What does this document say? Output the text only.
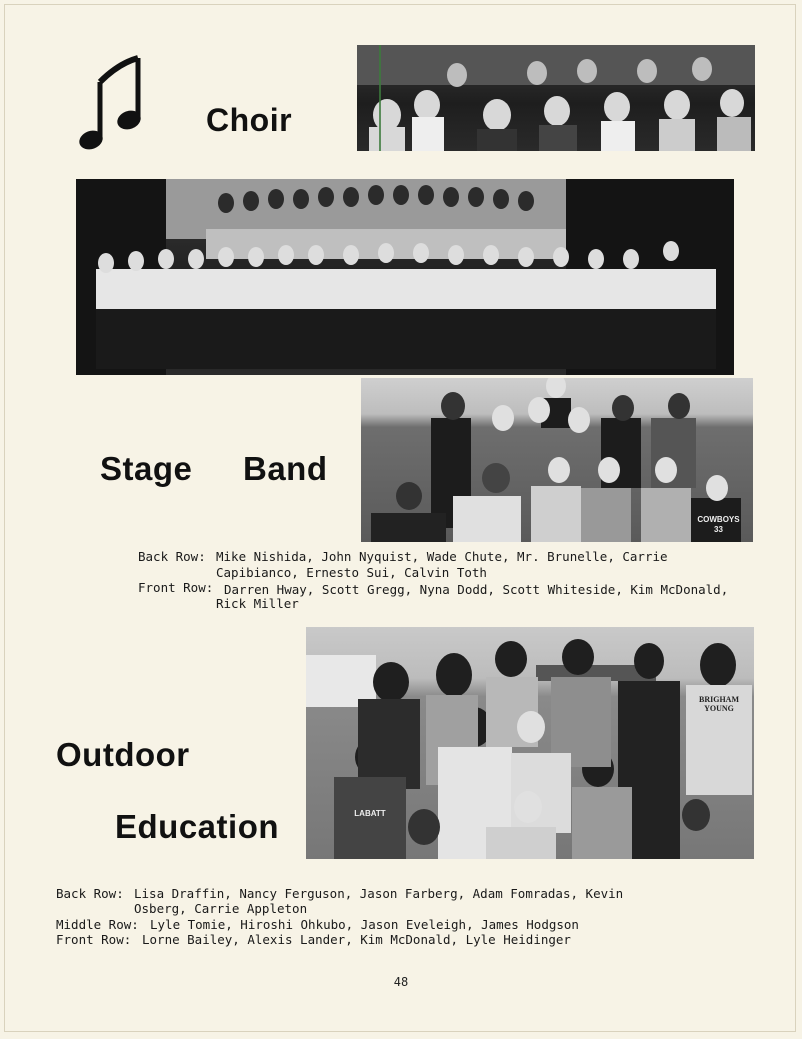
Choir
COWBOYS 33
Stage Band
Back Row: Mike Nishida, John Nyquist, Wade Chute, Mr. Brunelle, Carrie
Capibianco, Ernesto Sui, Calvin Toth
Front Row: Darren Hway, Scott Gregg, Nyna Dodd, Scott Whiteside, Kim McDonald,
Rick Miller
BRIGHAM YOUNG
LABATT
Outdoor
Education
Back Row: Lisa Draffin, Nancy Ferguson, Jason Farberg, Adam Fomradas, Kevin
Osberg, Carrie Appleton
Middle Row: Lyle Tomie, Hiroshi Ohkubo, Jason Eveleigh, James Hodgson
Front Row: Lorne Bailey, Alexis Lander, Kim McDonald, Lyle Heidinger
48
